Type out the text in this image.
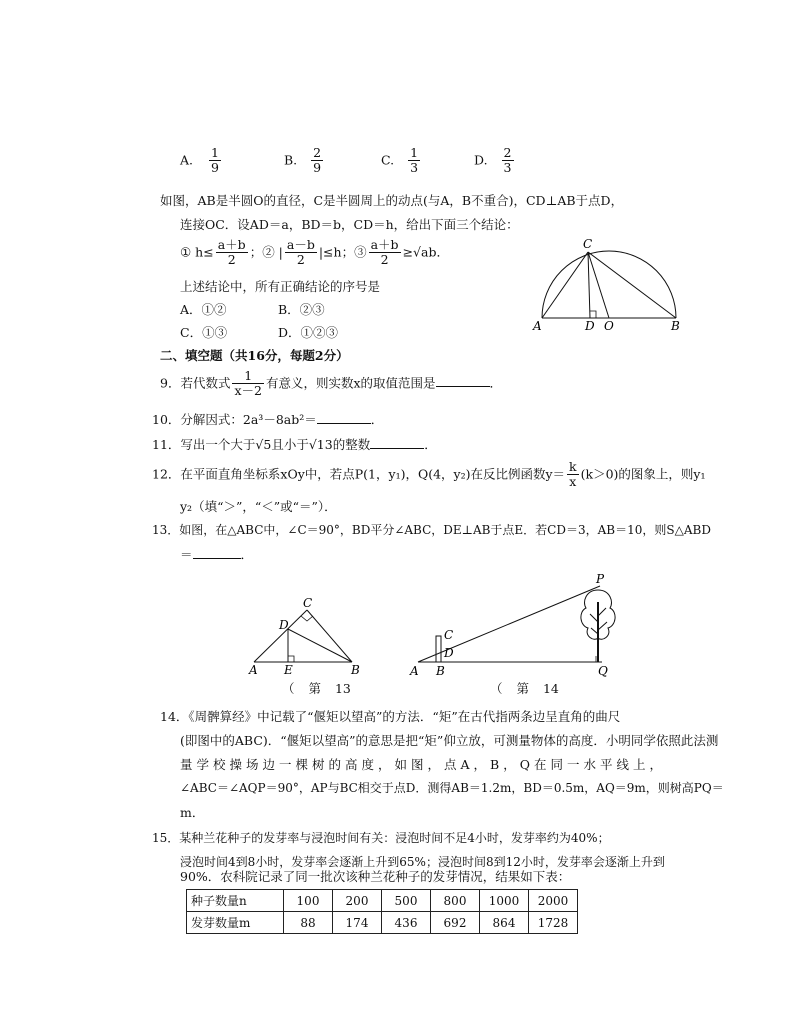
A. $\frac{1}{9}$	B. $\frac{2}{9}$	C. $\frac{1}{3}$	D. $\frac{2}{3}$
如图，AB是半圆O的直径，C是半圆周上的动点(与A，B不重合)，CD⊥AB于点D，
连接OC．设AD＝a，BD＝b，CD＝h，给出下面三个结论：
① $h\le \frac{a+b}{2}$ ；② | $\frac{a-b}{2} |\le h$；③ $\frac{a+b}{2} \ge√ab$．
上述结论中，所有正确结论的序号是
A．①②	B．②③
C．①③	D．①②③
C
A	D O	B
二、填空题（共16分，每题2分）
9．若代数式 $\frac{1}{x-2}$ 有意义，则实数x的取值范围是	．
10．分解因式：2a³－8ab²＝	．
11．写出一个大于√5且小于√13的整数	．
12．在平面直角坐标系xOy中，若点P(1，y₁)，Q(4，y₂)在反比例函数$y= \frac{k}{x} (k>0)$的图象上，则y₁
y₂（填“＞”，“＜”或“＝”）．
13．如图，在△ABC中，∠C＝90°，BD平分∠ABC，DE⊥AB于点E．若CD＝3，AB＝10，则S△ABD
＝	．
C
D
A E	B
（ 第 13
P
C
A B
D
Q
（ 第 14
14．《周髀算经》中记载了“偃矩以望高”的方法．“矩”在古代指两条边呈直角的曲尺
(即图中的ABC)．“偃矩以望高”的意思是把“矩”仰立放，可测量物体的高度．小明同学依照此法测
量学校操场边一棵树的高度，如图，点A，B，Q在同一水平线上，
∠ABC＝∠AQP＝90°，AP与BC相交于点D．测得AB＝1.2m，BD＝0.5m，AQ＝9m，则树高PQ＝
m．
15．某种兰花种子的发芽率与浸泡时间有关：浸泡时间不足4小时，发芽率约为40%；
浸泡时间4到8小时，发芽率会逐渐上升到65%；浸泡时间8到12小时，发芽率会逐渐上升到
90%．农科院记录了同一批次该种兰花种子的发芽情况，结果如下表：
种子数量n	100	200	500	800	1000	2000
发芽数量m	88	174	436	692	864	1728
